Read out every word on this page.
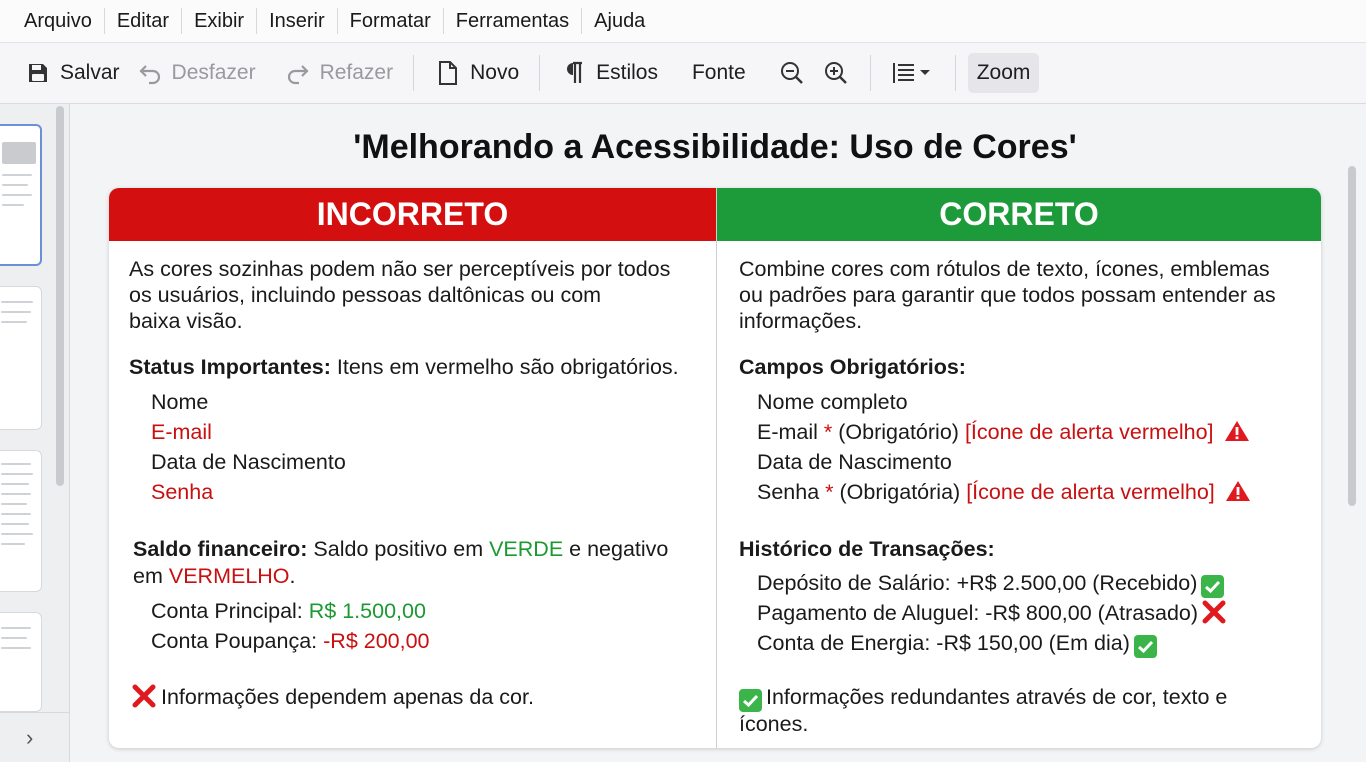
Arquivo	Editar	Exibir	Inserir	Formatar	Ferramentas	Ajuda
Salvar Desfazer	Refazer	Novo	Estilos Fonte	Zoom
›
'Melhorando a Acessibilidade: Uso de Cores'
INCORRETO
As cores sozinhas podem não ser perceptíveis por todos
os usuários, incluindo pessoas daltônicas ou com
baixa visão.
Status Importantes: Itens em vermelho são obrigatórios.
Nome
E-mail
Data de Nascimento
Senha
Saldo financeiro: Saldo positivo em VERDE e negativo
em VERMELHO.
Conta Principal: R$ 1.500,00
Conta Poupança: -R$ 200,00
Informações dependem apenas da cor.
CORRETO
Combine cores com rótulos de texto, ícones, emblemas
ou padrões para garantir que todos possam entender as
informações.
Campos Obrigatórios:
Nome completo
E-mail * (Obrigatório) [Ícone de alerta vermelho]
Data de Nascimento
Senha * (Obrigatória) [Ícone de alerta vermelho]
Histórico de Transações:
Depósito de Salário: +R$ 2.500,00 (Recebido)
Pagamento de Aluguel: -R$ 800,00 (Atrasado)
Conta de Energia: -R$ 150,00 (Em dia)
Informações redundantes através de cor, texto e
ícones.
